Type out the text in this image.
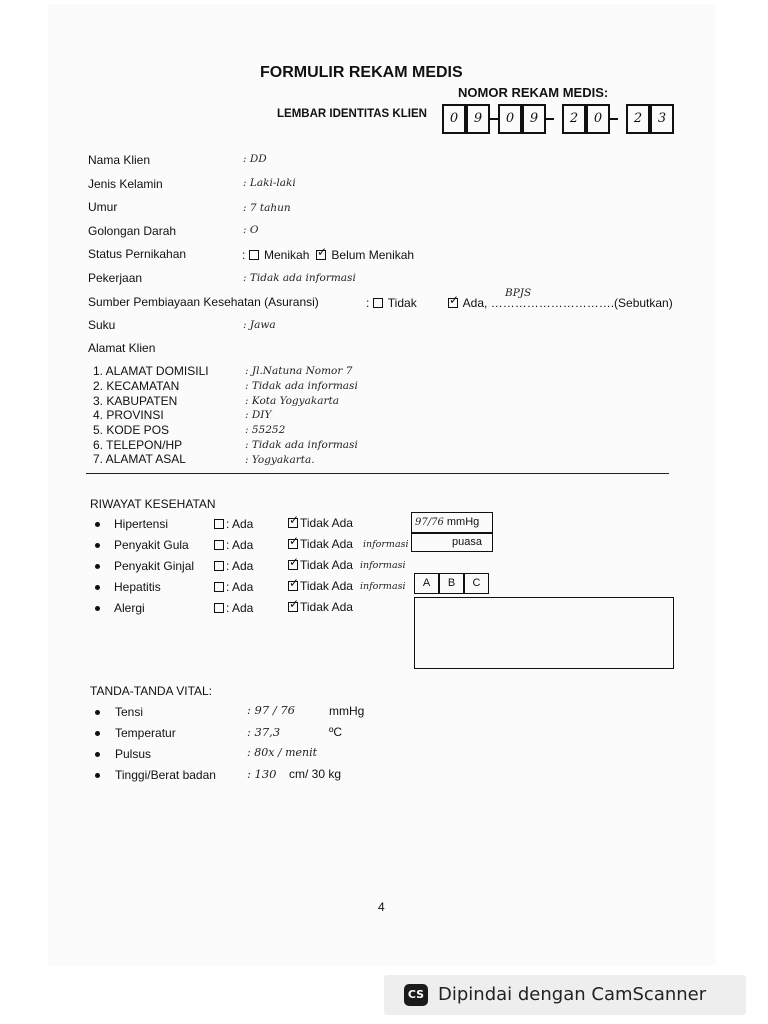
FORMULIR REKAM MEDIS
NOMOR REKAM MEDIS:
LEMBAR IDENTITAS KLIEN	0	9	0	9	2	0	2	3
Nama Klien	: DD
Jenis Kelamin	: Laki-laki
Umur	: 7 tahun
Golongan Darah	: O
Status Pernikahan	:  Menikah ✓ Belum Menikah
Pekerjaan	: Tidak ada informasi
Sumber Pembiayaan Kesehatan (Asuransi)	:  Tidak ✓	Ada, ………………………….(Sebutkan)
BPJS
Suku	: Jawa
Alamat Klien
1. ALAMAT DOMISILI	: Jl.Natuna Nomor 7
2. KECAMATAN	: Tidak ada informasi
3. KABUPATEN	: Kota Yogyakarta
4. PROVINSI	: DIY
5. KODE POS	: 55252
6. TELEPON/HP	: Tidak ada informasi
7. ALAMAT ASAL	: Yogyakarta.
RIWAYAT KESEHATAN
Hipertensi	: Ada ✓	Tidak Ada
Penyakit Gula	: Ada ✓	Tidak Ada informasi
Penyakit Ginjal	: Ada ✓	Tidak Ada informasi
Hepatitis	: Ada ✓	Tidak Ada informasi
Alergi	: Ada ✓	Tidak Ada
97/76 mmHg
puasa
A	B	C
TANDA-TANDA VITAL:
Tensi	: 97 / 76	mmHg
Temperatur	: 37,3	ºC
Pulsus	: 80x / menit
Tinggi/Berat badan	: 130 cm/ 30 kg
4
CS Dipindai dengan CamScanner
